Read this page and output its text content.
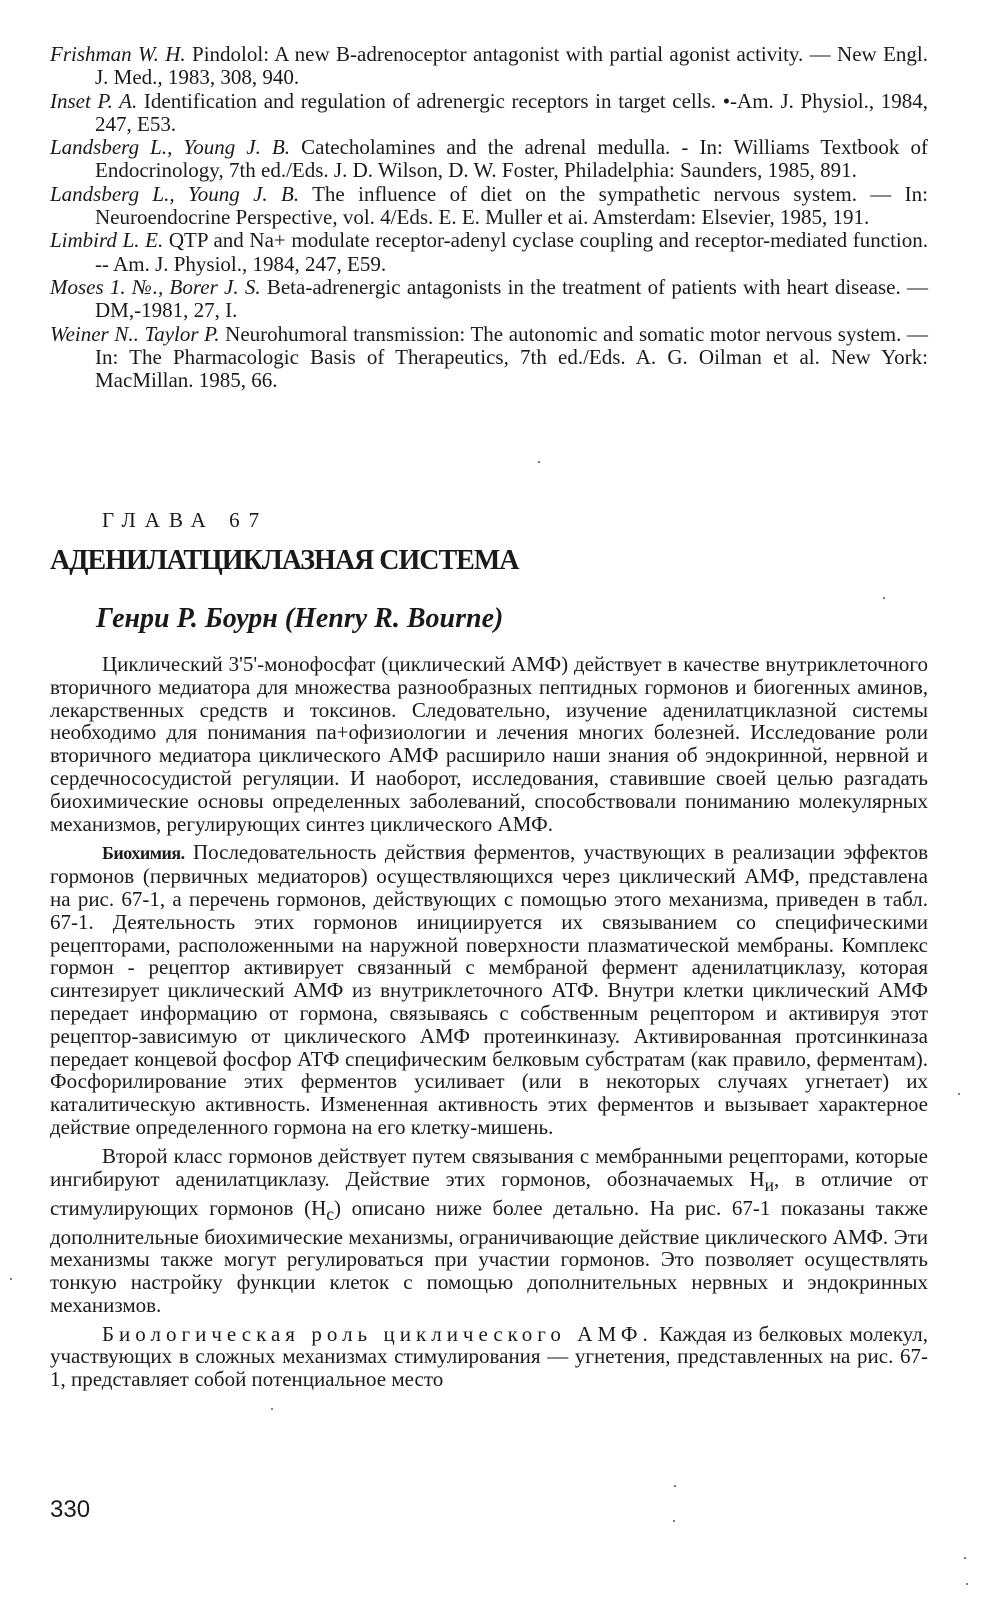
Frishman W. H. Pindolol: A new B-adrenoceptor antagonist with partial agonist activity. — New Engl. J. Med., 1983, 308, 940.

Inset P. A. Identification and regulation of adrenergic receptors in target cells. •-Am. J. Physiol., 1984, 247, E53.

Landsberg L., Young J. B. Catecholamines and the adrenal medulla. - In: Williams Textbook of Endocrinology, 7th ed./Eds. J. D. Wilson, D. W. Foster, Philadelphia: Saunders, 1985, 891.

Landsberg L., Young J. B. The influence of diet on the sympathetic nervous system. — In: Neuroendocrine Perspective, vol. 4/Eds. E. E. Muller et ai. Amsterdam: Elsevier, 1985, 191.

Limbird L. E. QTP and Na+ modulate receptor-adenyl cyclase coupling and receptor-mediated function. -- Am. J. Physiol., 1984, 247, E59.

Moses 1. №., Borer J. S. Beta-adrenergic antagonists in the treatment of patients with heart disease. — DM,-1981, 27, I.

Weiner N.. Taylor P. Neurohumoral transmission: The autonomic and somatic motor nervous system. — In: The Pharmacologic Basis of Therapeutics, 7th ed./Eds. A. G. Oilman et al. New York: MacMillan. 1985, 66.

ГЛАВА 67
АДЕНИЛАТЦИКЛАЗНАЯ СИСТЕМА
Генри Р. Боурн (Henry R. Bourne)

Циклический 3'5'-монофосфат (циклический АМФ) действует в качестве внутриклеточного вторичного медиатора для множества разнообразных пептидных гормонов и биогенных аминов, лекарственных средств и токсинов. Следовательно, изучение аденилатциклазной системы необходимо для понимания па+офизиологии и лечения многих болезней. Исследование роли вторичного медиатора циклического АМФ расширило наши знания об эндокринной, нервной и сердечнососудистой регуляции. И наоборот, исследования, ставившие своей целью разгадать биохимические основы определенных заболеваний, способствовали пониманию молекулярных механизмов, регулирующих синтез циклического АМФ.

Биохимия. Последовательность действия ферментов, участвующих в реализации эффектов гормонов (первичных медиаторов) осуществляющихся через циклический АМФ, представлена на рис. 67-1, а перечень гормонов, действующих с помощью этого механизма, приведен в табл. 67-1. Деятельность этих гормонов инициируется их связыванием со специфическими рецепторами, расположенными на наружной поверхности плазматической мембраны. Комплекс гормон - рецептор активирует связанный с мембраной фермент аденилатциклазу, которая синтезирует циклический АМФ из внутриклеточного АТФ. Внутри клетки циклический АМФ передает информацию от гормона, связываясь с собственным рецептором и активируя этот рецептор-зависимую от циклического АМФ протеинкиназу. Активированная протсинкиназа передает концевой фосфор АТФ специфическим белковым субстратам (как правило, ферментам). Фосфорилирование этих ферментов усиливает (или в некоторых случаях угнетает) их каталитическую активность. Измененная активность этих ферментов и вызывает характерное действие определенного гормона на его клетку-мишень.

Второй класс гормонов действует путем связывания с мембранными рецепторами, которые ингибируют аденилатциклазу. Действие этих гормонов, обозначаемых $Н_и$, в отличие от стимулирующих гормонов $(Н_с)$ описано ниже более детально. На рис. 67-1 показаны также дополнительные биохимические механизмы, ограничивающие действие циклического АМФ. Эти механизмы также могут регулироваться при участии гормонов. Это позволяет осуществлять тонкую настройку функции клеток с помощью дополнительных нервных и эндокринных механизмов.

Биологическая роль циклического АМФ. Каждая из белковых молекул, участвующих в сложных механизмах стимулирования — угнетения, представленных на рис. 67-1, представляет собой потенциальное место

330
